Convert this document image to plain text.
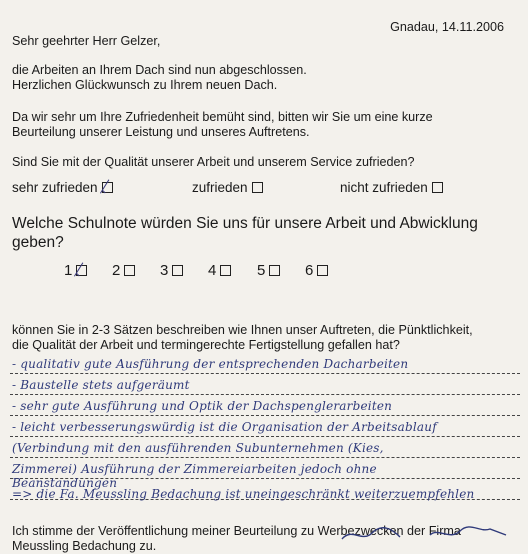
Gnadau, 14.11.2006
Sehr geehrter Herr Gelzer,
die Arbeiten an Ihrem Dach sind nun abgeschlossen.
Herzlichen Glückwunsch zu Ihrem neuen Dach.
Da wir sehr um Ihre Zufriedenheit bemüht sind, bitten wir Sie um eine kurze
Beurteilung unserer Leistung und unseres Auftretens.
Sind Sie mit der Qualität unserer Arbeit und unserem Service zufrieden?
sehr zufrieden	zufrieden	nicht zufrieden
Welche Schulnote würden Sie uns für unsere Arbeit und Abwicklung
geben?
1	2	3	4	5	6
können Sie in 2-3 Sätzen beschreiben wie Ihnen unser Auftreten, die Pünktlichkeit,
die Qualität der Arbeit und termingerechte Fertigstellung gefallen hat?
- qualitativ gute Ausführung der entsprechenden Dacharbeiten
- Baustelle stets aufgeräumt
- sehr gute Ausführung und Optik der Dachspenglerarbeiten
- leicht verbesserungswürdig ist die Organisation der Arbeitsablauf
(Verbindung mit den ausführenden Subunternehmen (Kies,
Zimmerei) Ausführung der Zimmereiarbeiten jedoch ohne
Beanstandungen
=> die Fa. Meussling Bedachung ist uneingeschränkt weiterzuempfehlen
Ich stimme der Veröffentlichung meiner Beurteilung zu Werbezwecken der Firma
Meussling Bedachung zu.
